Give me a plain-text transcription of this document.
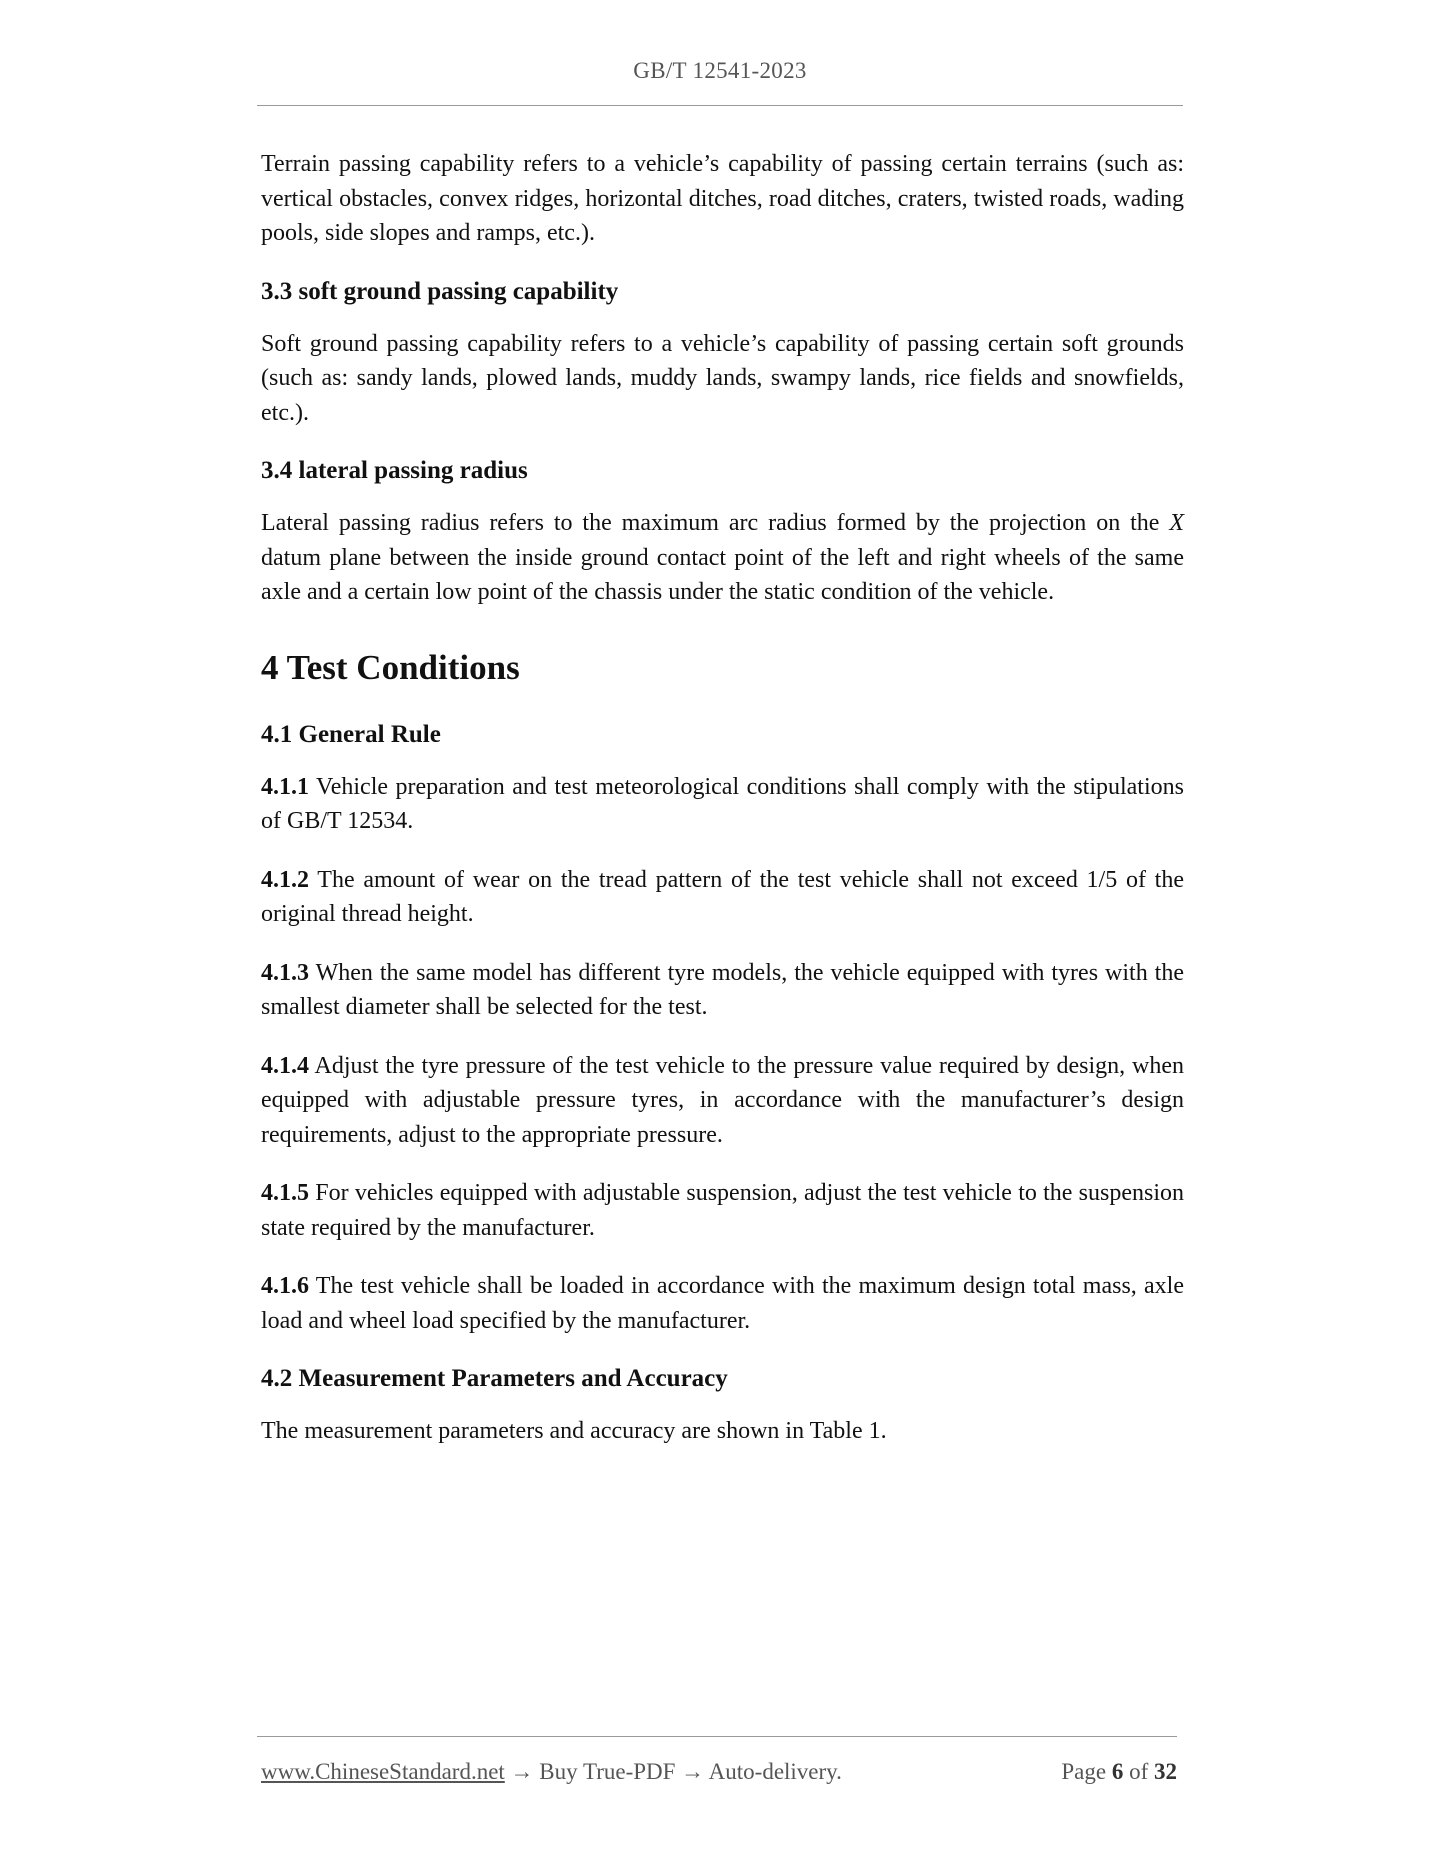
GB/T 12541-2023

Terrain passing capability refers to a vehicle’s capability of passing certain terrains (such as: vertical obstacles, convex ridges, horizontal ditches, road ditches, craters, twisted roads, wading pools, side slopes and ramps, etc.).

3.3 soft ground passing capability

Soft ground passing capability refers to a vehicle’s capability of passing certain soft grounds (such as: sandy lands, plowed lands, muddy lands, swampy lands, rice fields and snowfields, etc.).

3.4 lateral passing radius

Lateral passing radius refers to the maximum arc radius formed by the projection on the X datum plane between the inside ground contact point of the left and right wheels of the same axle and a certain low point of the chassis under the static condition of the vehicle.

4 Test Conditions
4.1 General Rule

4.1.1 Vehicle preparation and test meteorological conditions shall comply with the stipulations of GB/T 12534.

4.1.2 The amount of wear on the tread pattern of the test vehicle shall not exceed 1/5 of the original thread height.

4.1.3 When the same model has different tyre models, the vehicle equipped with tyres with the smallest diameter shall be selected for the test.

4.1.4 Adjust the tyre pressure of the test vehicle to the pressure value required by design, when equipped with adjustable pressure tyres, in accordance with the manufacturer’s design requirements, adjust to the appropriate pressure.

4.1.5 For vehicles equipped with adjustable suspension, adjust the test vehicle to the suspension state required by the manufacturer.

4.1.6 The test vehicle shall be loaded in accordance with the maximum design total mass, axle load and wheel load specified by the manufacturer.

4.2 Measurement Parameters and Accuracy

The measurement parameters and accuracy are shown in Table 1.

www.ChineseStandard.net → Buy True-PDF → Auto-delivery.	Page 6 of 32
